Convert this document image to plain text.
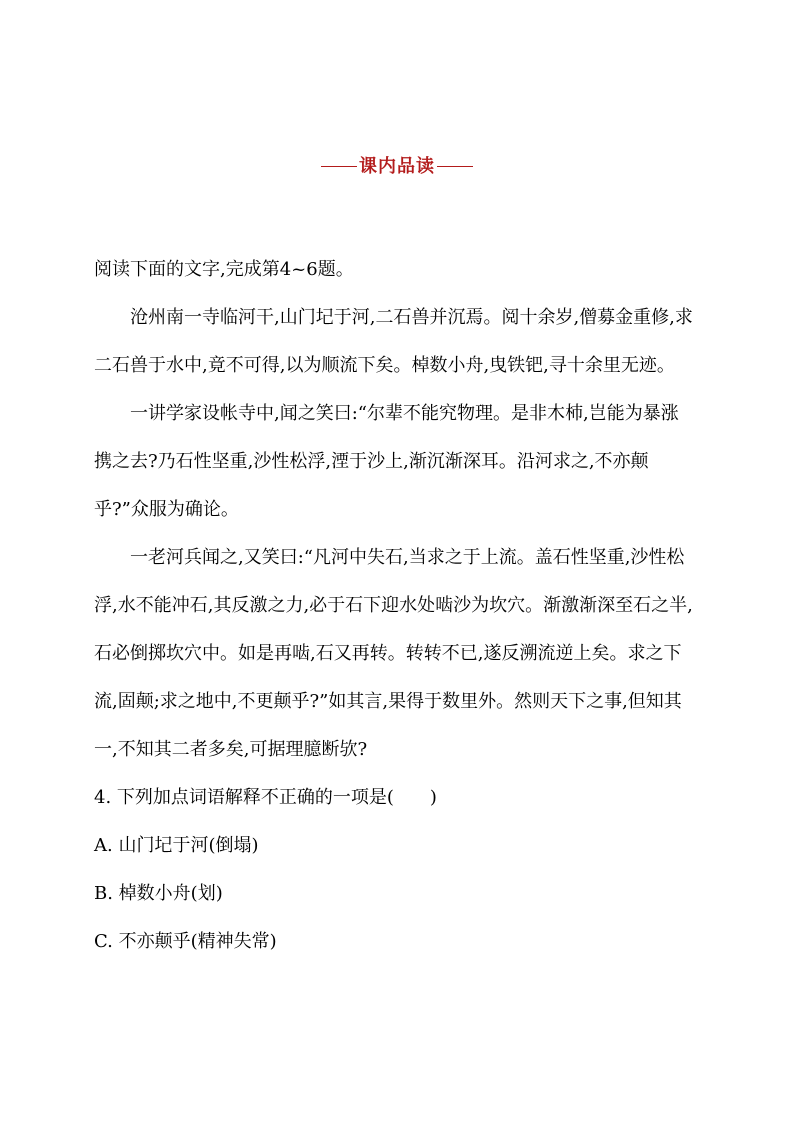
课内品读

阅读下面的文字,完成第4~6题。

沧州南一寺临河干,山门圮于河,二石兽并沉焉。阅十余岁,僧募金重修,求二石兽于水中,竟不可得,以为顺流下矣。棹数小舟,曳铁钯,寻十余里无迹。

一讲学家设帐寺中,闻之笑曰:“尔辈不能究物理。是非木杮,岂能为暴涨携之去?乃石性坚重,沙性松浮,湮于沙上,渐沉渐深耳。沿河求之,不亦颠乎?”众服为确论。

一老河兵闻之,又笑曰:“凡河中失石,当求之于上流。盖石性坚重,沙性松浮,水不能冲石,其反激之力,必于石下迎水处啮沙为坎穴。渐激渐深至石之半,石必倒掷坎穴中。如是再啮,石又再转。转转不已,遂反溯流逆上矣。求之下流,固颠;求之地中,不更颠乎?”如其言,果得于数里外。然则天下之事,但知其一,不知其二者多矣,可据理臆断欤?

4. 下列加点词语解释不正确的一项是(　　)

A. 山门圮于河(倒塌)

B. 棹数小舟(划)

C. 不亦颠乎(精神失常)
